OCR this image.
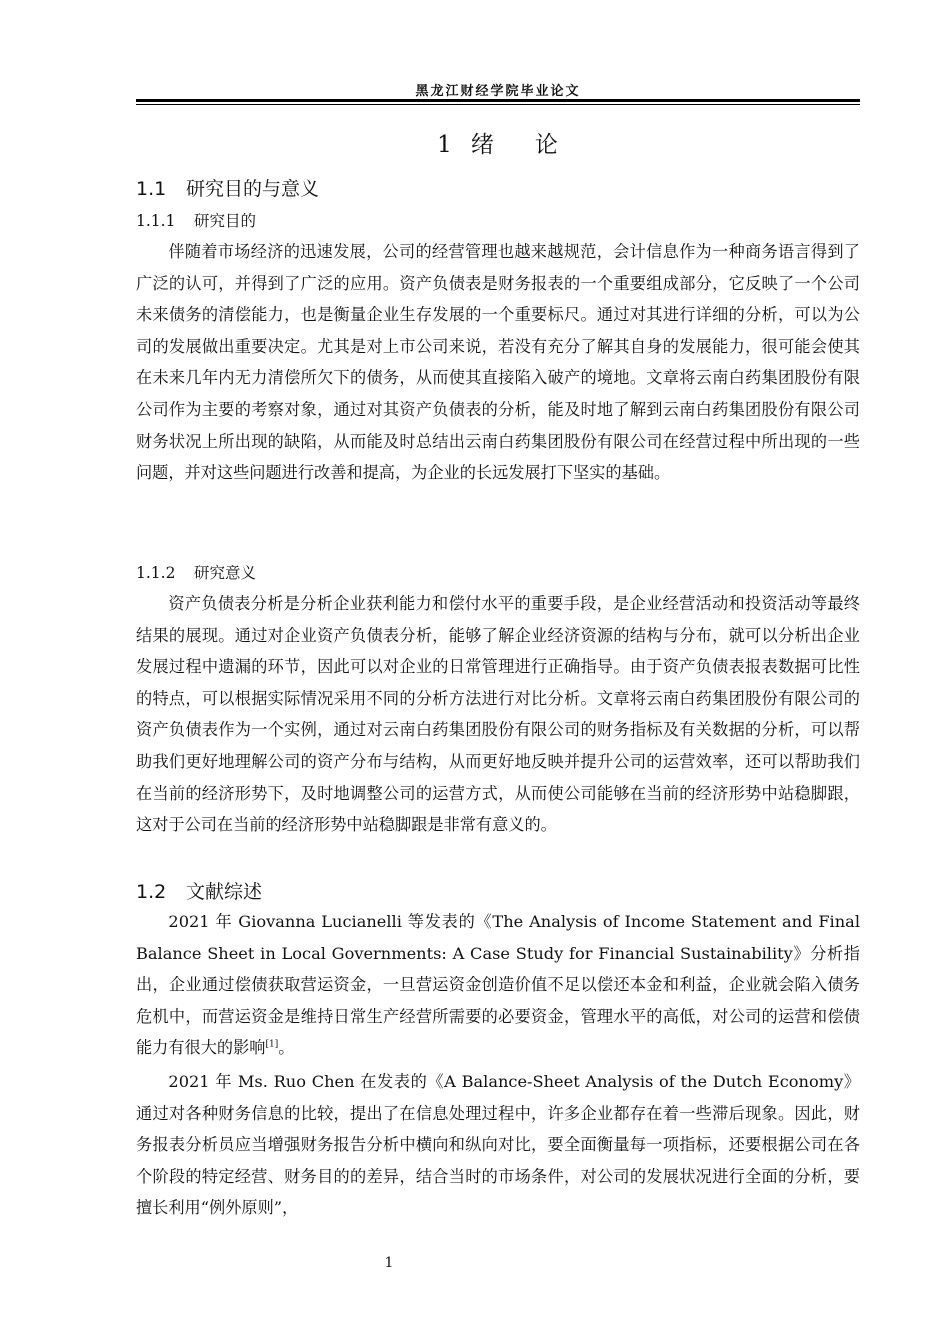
黑龙江财经学院毕业论文
1 绪 论
1.1 研究目的与意义
1.1.1 研究目的

伴随着市场经济的迅速发展，公司的经营管理也越来越规范，会计信息作为一种商务语言得到了广泛的认可，并得到了广泛的应用。资产负债表是财务报表的一个重要组成部分，它反映了一个公司未来债务的清偿能力，也是衡量企业生存发展的一个重要标尺。通过对其进行详细的分析，可以为公司的发展做出重要决定。尤其是对上市公司来说，若没有充分了解其自身的发展能力，很可能会使其在未来几年内无力清偿所欠下的债务，从而使其直接陷入破产的境地。文章将云南白药集团股份有限公司作为主要的考察对象，通过对其资产负债表的分析，能及时地了解到云南白药集团股份有限公司财务状况上所出现的缺陷，从而能及时总结出云南白药集团股份有限公司在经营过程中所出现的一些问题，并对这些问题进行改善和提高，为企业的长远发展打下坚实的基础。

1.1.2 研究意义

资产负债表分析是分析企业获利能力和偿付水平的重要手段，是企业经营活动和投资活动等最终结果的展现。通过对企业资产负债表分析，能够了解企业经济资源的结构与分布，就可以分析出企业发展过程中遗漏的环节，因此可以对企业的日常管理进行正确指导。由于资产负债表报表数据可比性的特点，可以根据实际情况采用不同的分析方法进行对比分析。文章将云南白药集团股份有限公司的资产负债表作为一个实例，通过对云南白药集团股份有限公司的财务指标及有关数据的分析，可以帮助我们更好地理解公司的资产分布与结构，从而更好地反映并提升公司的运营效率，还可以帮助我们在当前的经济形势下，及时地调整公司的运营方式，从而使公司能够在当前的经济形势中站稳脚跟，这对于公司在当前的经济形势中站稳脚跟是非常有意义的。

1.2 文献综述

2021 年 Giovanna Lucianelli 等发表的《The Analysis of Income Statement and Final Balance Sheet in Local Governments: A Case Study for Financial Sustainability》分析指出，企业通过偿债获取营运资金，一旦营运资金创造价值不足以偿还本金和利益，企业就会陷入债务危机中，而营运资金是维持日常生产经营所需要的必要资金，管理水平的高低，对公司的运营和偿债能力有很大的影响[1]。

2021 年 Ms. Ruo Chen 在发表的《A Balance-Sheet Analysis of the Dutch Economy》通过对各种财务信息的比较，提出了在信息处理过程中，许多企业都存在着一些滞后现象。因此，财务报表分析员应当增强财务报告分析中横向和纵向对比，要全面衡量每一项指标，还要根据公司在各个阶段的特定经营、财务目的的差异，结合当时的市场条件，对公司的发展状况进行全面的分析，要擅长利用“例外原则”，

1
